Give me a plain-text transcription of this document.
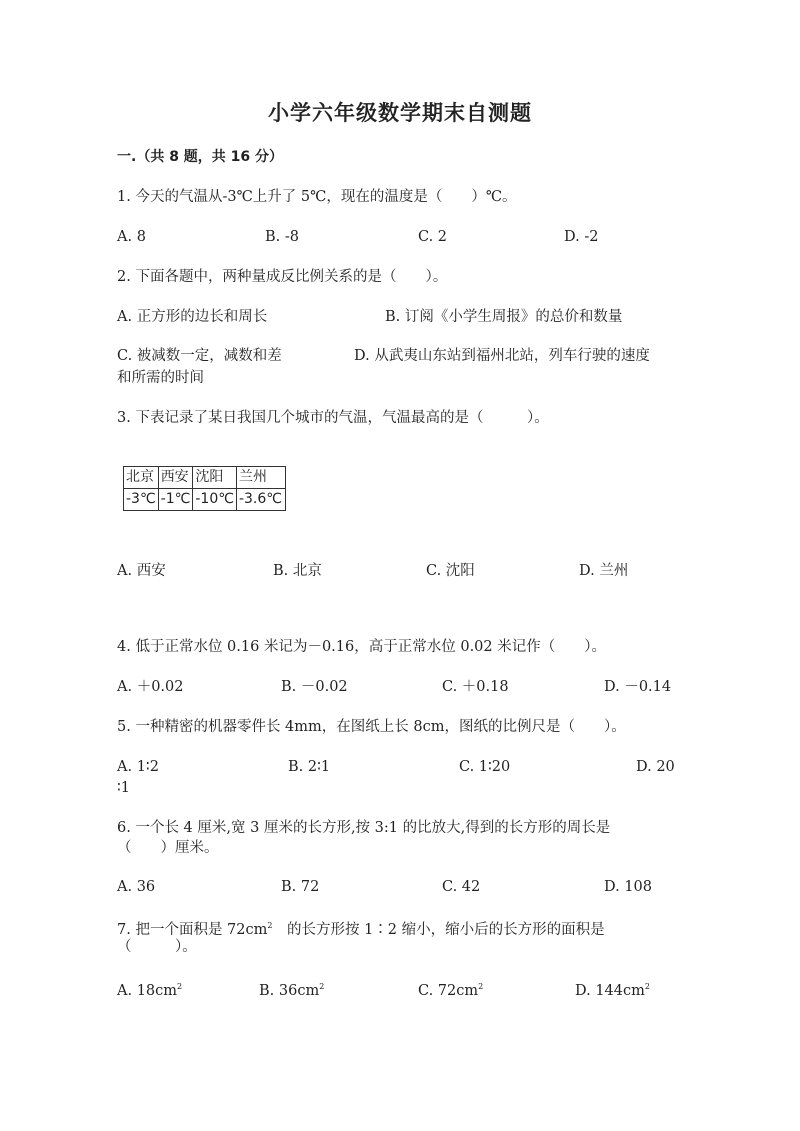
小学六年级数学期末自测题
一.（共 8 题，共 16 分）
1. 今天的气温从-3℃上升了 5℃，现在的温度是（　　）℃。
A. 8	B. -8	C. 2	D. -2
2. 下面各题中，两种量成反比例关系的是（　　）。
A. 正方形的边长和周长	B. 订阅《小学生周报》的总价和数量
C. 被减数一定，减数和差	D. 从武夷山东站到福州北站，列车行驶的速度
和所需的时间
3. 下表记录了某日我国几个城市的气温，气温最高的是（　　　）。
北京	西安	沈阳	兰州
-3℃	-1℃	-10℃	-3.6℃
A. 西安	B. 北京	C. 沈阳	D. 兰州
4. 低于正常水位 0.16 米记为－0.16，高于正常水位 0.02 米记作（　　）。
A. ＋0.02	B. －0.02	C. ＋0.18	D. －0.14
5. 一种精密的机器零件长 4mm，在图纸上长 8cm，图纸的比例尺是（　　）。
A. 1∶2	B. 2∶1	C. 1∶20	D. 20
∶1
6. 一个长 4 厘米,宽 3 厘米的长方形,按 3:1 的比放大,得到的长方形的周长是
（　　）厘米。
A. 36	B. 72	C. 42	D. 108
7. 把一个面积是 $72cm^2$　的长方形按 1∶2 缩小，缩小后的长方形的面积是
（　　　）。
A. $18cm^2$	B. $36cm^2$	C. $72cm^2$	D. $144cm^2$
